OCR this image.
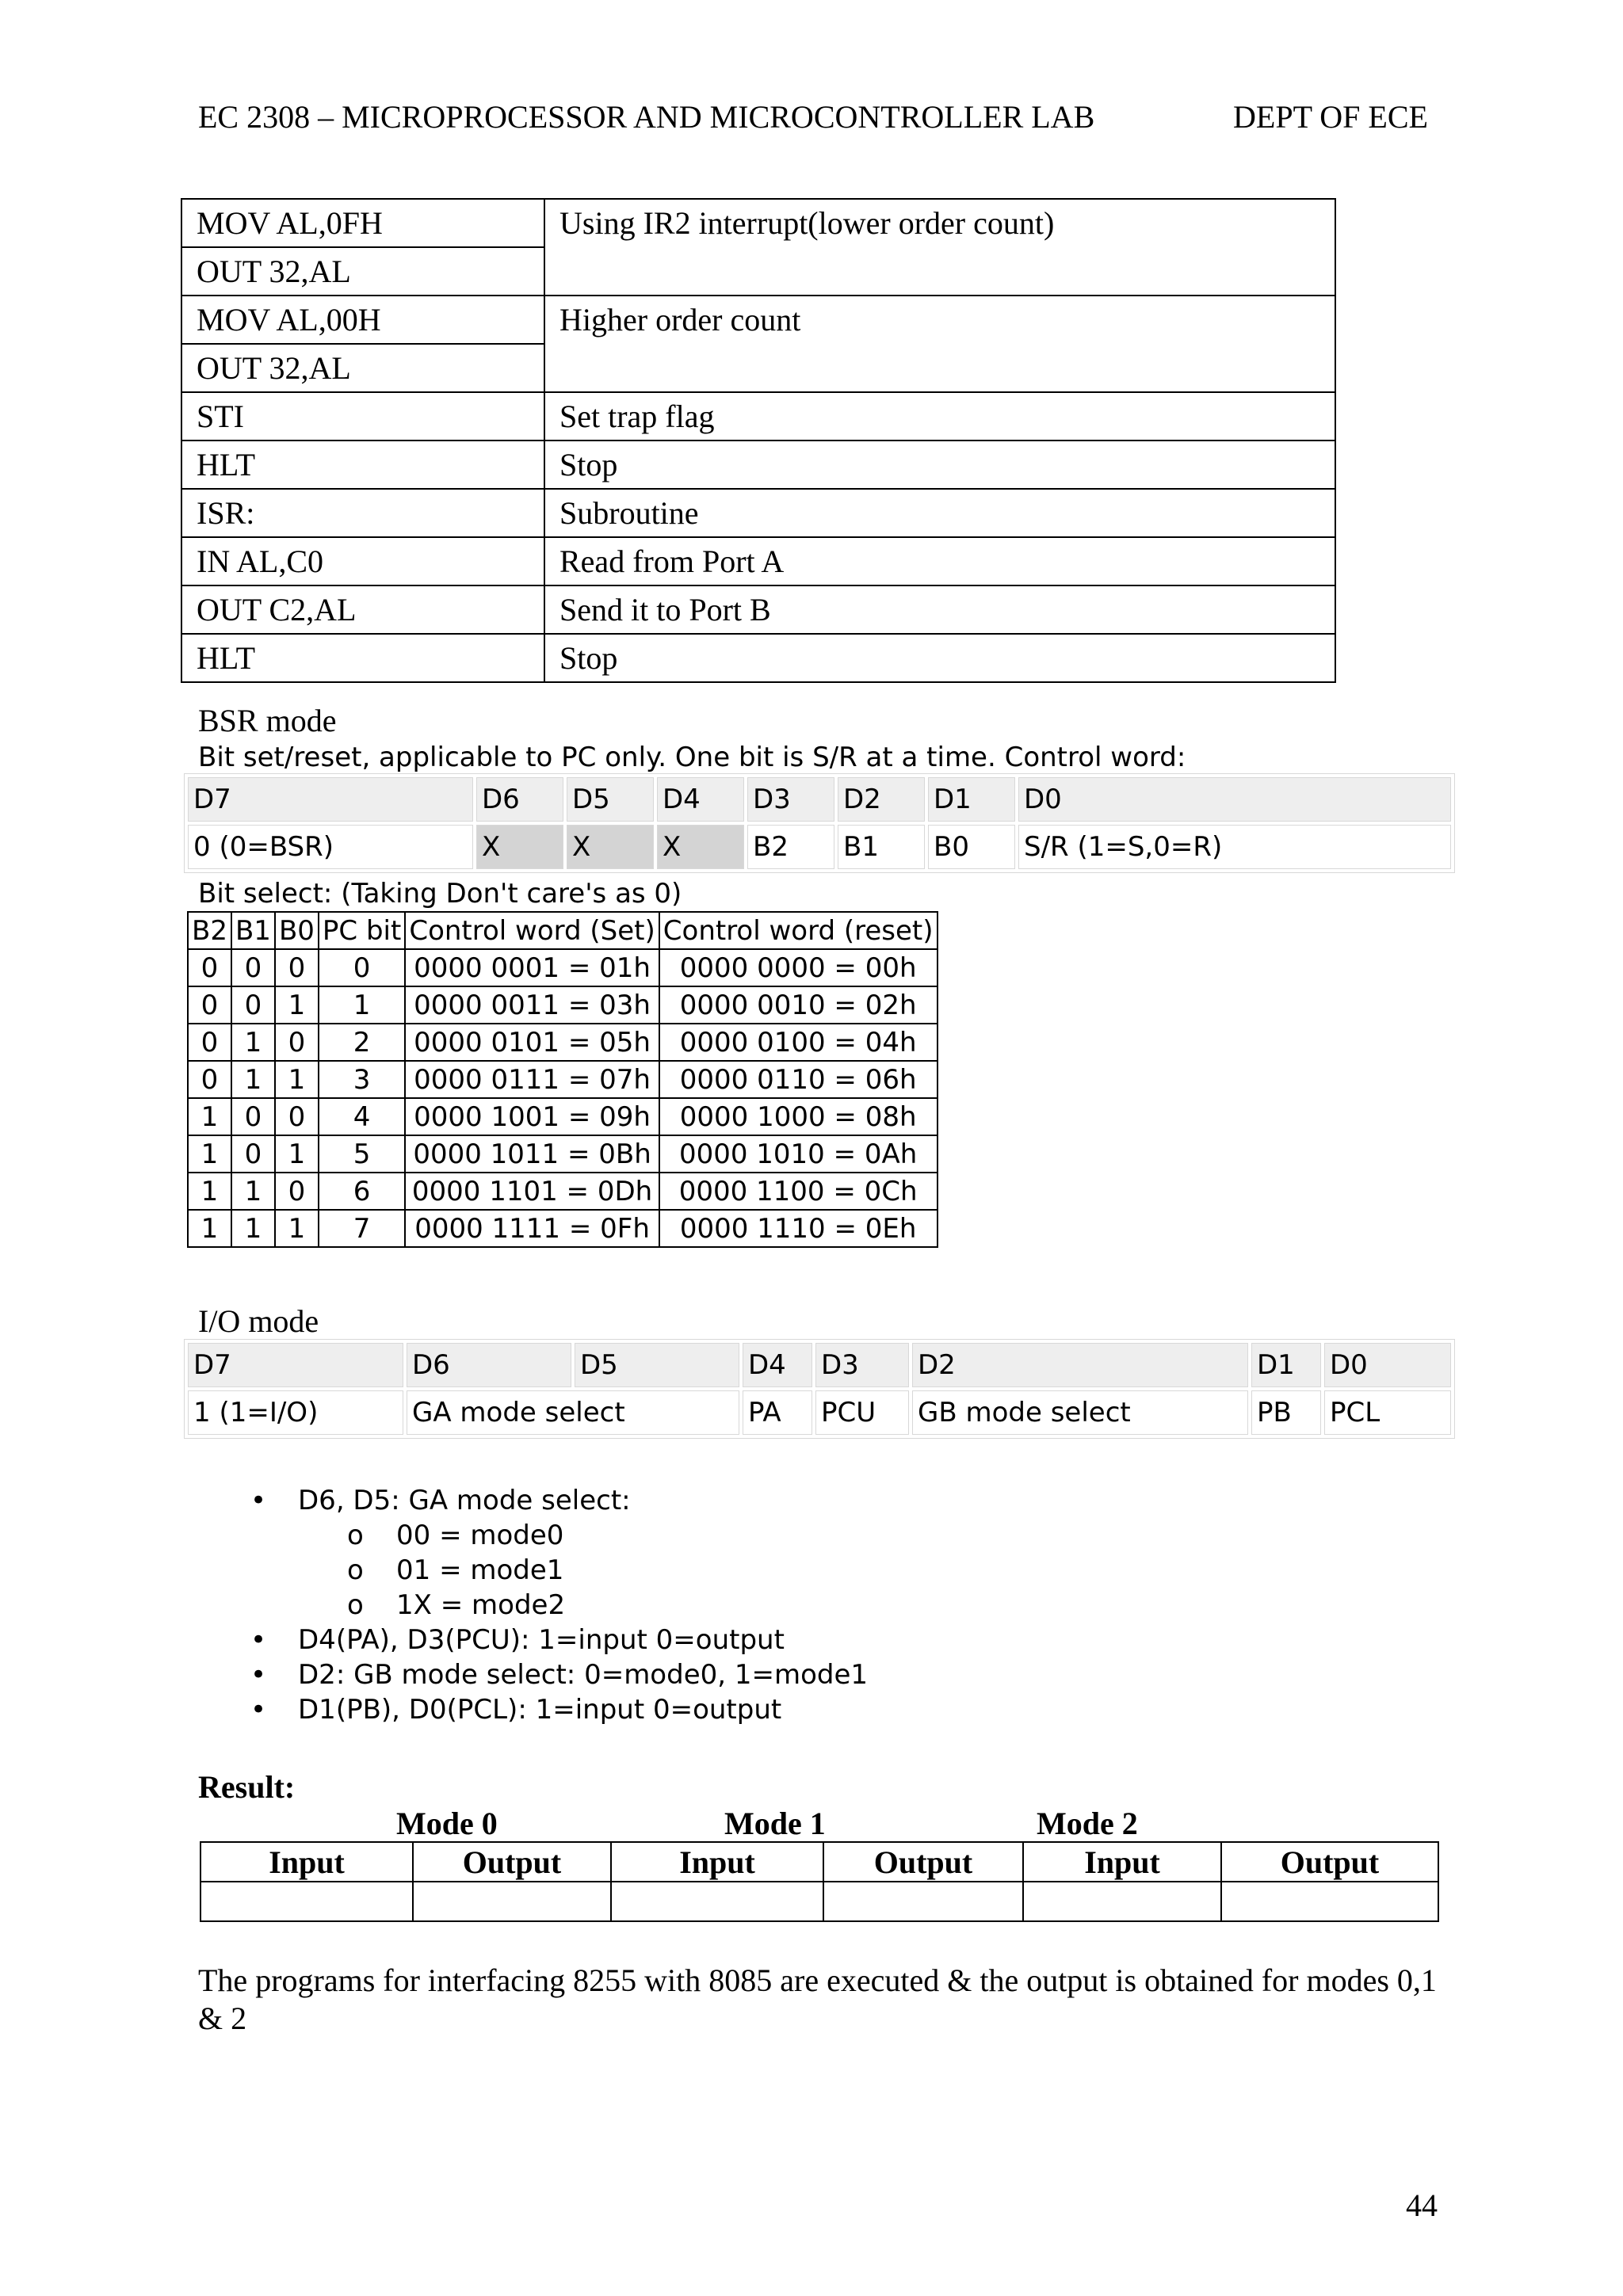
EC 2308 – MICROPROCESSOR AND MICROCONTROLLER LAB	DEPT OF ECE
MOV AL,0FH	Using IR2 interrupt(lower order count)
OUT 32,AL	
MOV AL,00H	Higher order count
OUT 32,AL	
STI	Set trap flag
HLT	Stop
ISR:	Subroutine
IN AL,C0	Read from Port A
OUT C2,AL	Send it to Port B
HLT	Stop
BSR mode
Bit set/reset, applicable to PC only. One bit is S/R at a time. Control word:
D7	D6	D5	D4	D3	D2	D1	D0
0 (0=BSR)	X	X	X	B2	B1	B0	S/R (1=S,0=R)
Bit select: (Taking Don't care's as 0)
B2	B1	B0	PC bit	Control word (Set)	Control word (reset)
0	0	0	0	0000 0001 = 01h	0000 0000 = 00h
0	0	1	1	0000 0011 = 03h	0000 0010 = 02h
0	1	0	2	0000 0101 = 05h	0000 0100 = 04h
0	1	1	3	0000 0111 = 07h	0000 0110 = 06h
1	0	0	4	0000 1001 = 09h	0000 1000 = 08h
1	0	1	5	0000 1011 = 0Bh	0000 1010 = 0Ah
1	1	0	6	0000 1101 = 0Dh	0000 1100 = 0Ch
1	1	1	7	0000 1111 = 0Fh	0000 1110 = 0Eh
I/O mode
D7	D6	D5	D4	D3	D2	D1	D0
1 (1=I/O)	GA mode select		PA	PCU	GB mode select	PB	PCL
• D6, D5: GA mode select:
o 00 = mode0
o 01 = mode1
o 1X = mode2
• D4(PA), D3(PCU): 1=input 0=output
• D2: GB mode select: 0=mode0, 1=mode1
• D1(PB), D0(PCL): 1=input 0=output
Result:
Mode 0	Mode 1	Mode 2
Input	Output	Input	Output	Input	Output

The programs for interfacing 8255 with 8085 are executed & the output is obtained for modes 0,1 & 2
44
